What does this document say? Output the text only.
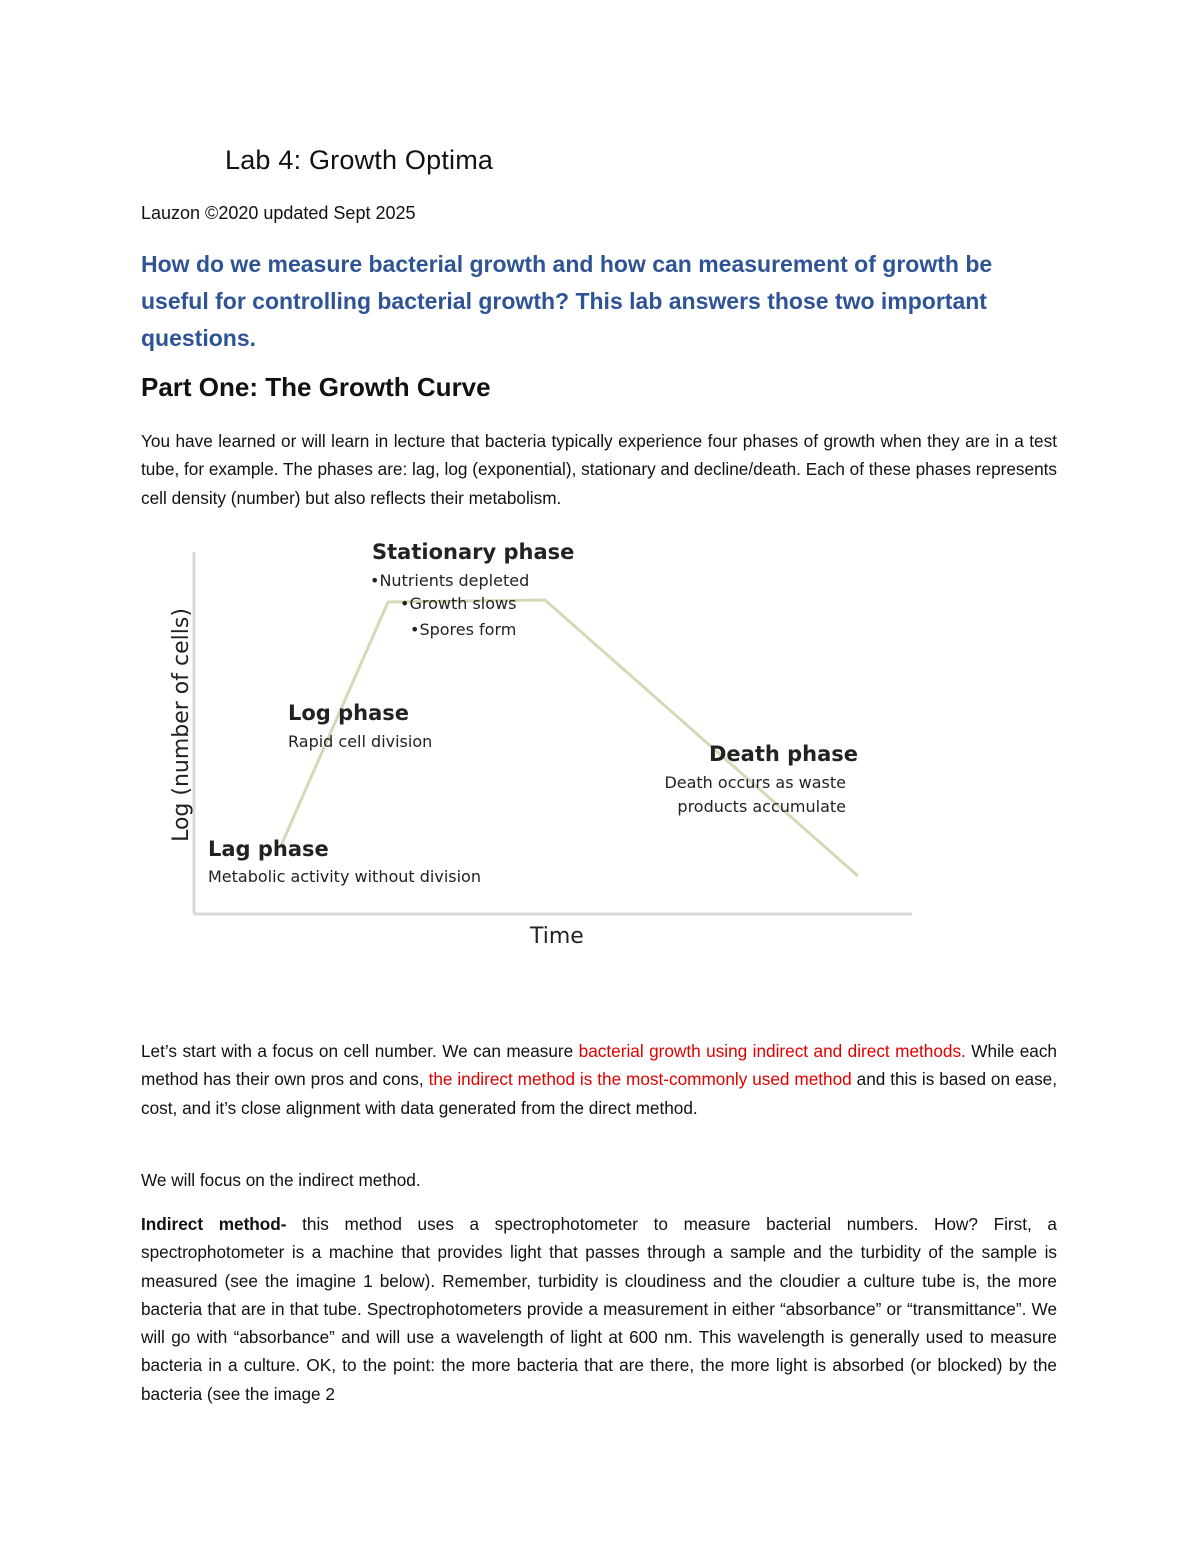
Lab 4: Growth Optima
Lauzon ©2020 updated Sept 2025
How do we measure bacterial growth and how can measurement of growth be useful for controlling bacterial growth? This lab answers those two important questions.
Part One: The Growth Curve
You have learned or will learn in lecture that bacteria typically experience four phases of growth when they are in a test tube, for example. The phases are: lag, log (exponential), stationary and decline/death. Each of these phases represents cell density (number) but also reflects their metabolism.
Log (number of cells)
Time
Stationary phase
•Nutrients depleted
•Growth slows
•Spores form
Log phase
Rapid cell division
Death phase
Death occurs as waste
products accumulate
Lag phase
Metabolic activity without division
Let’s start with a focus on cell number. We can measure bacterial growth using indirect and direct methods. While each method has their own pros and cons, the indirect method is the most-commonly used method and this is based on ease, cost, and it’s close alignment with data generated from the direct method.
We will focus on the indirect method.
Indirect method- this method uses a spectrophotometer to measure bacterial numbers. How? First, a spectrophotometer is a machine that provides light that passes through a sample and the turbidity of the sample is measured (see the imagine 1 below). Remember, turbidity is cloudiness and the cloudier a culture tube is, the more bacteria that are in that tube. Spectrophotometers provide a measurement in either “absorbance” or “transmittance”. We will go with “absorbance” and will use a wavelength of light at 600 nm. This wavelength is generally used to measure bacteria in a culture. OK, to the point: the more bacteria that are there, the more light is absorbed (or blocked) by the bacteria (see the image 2
